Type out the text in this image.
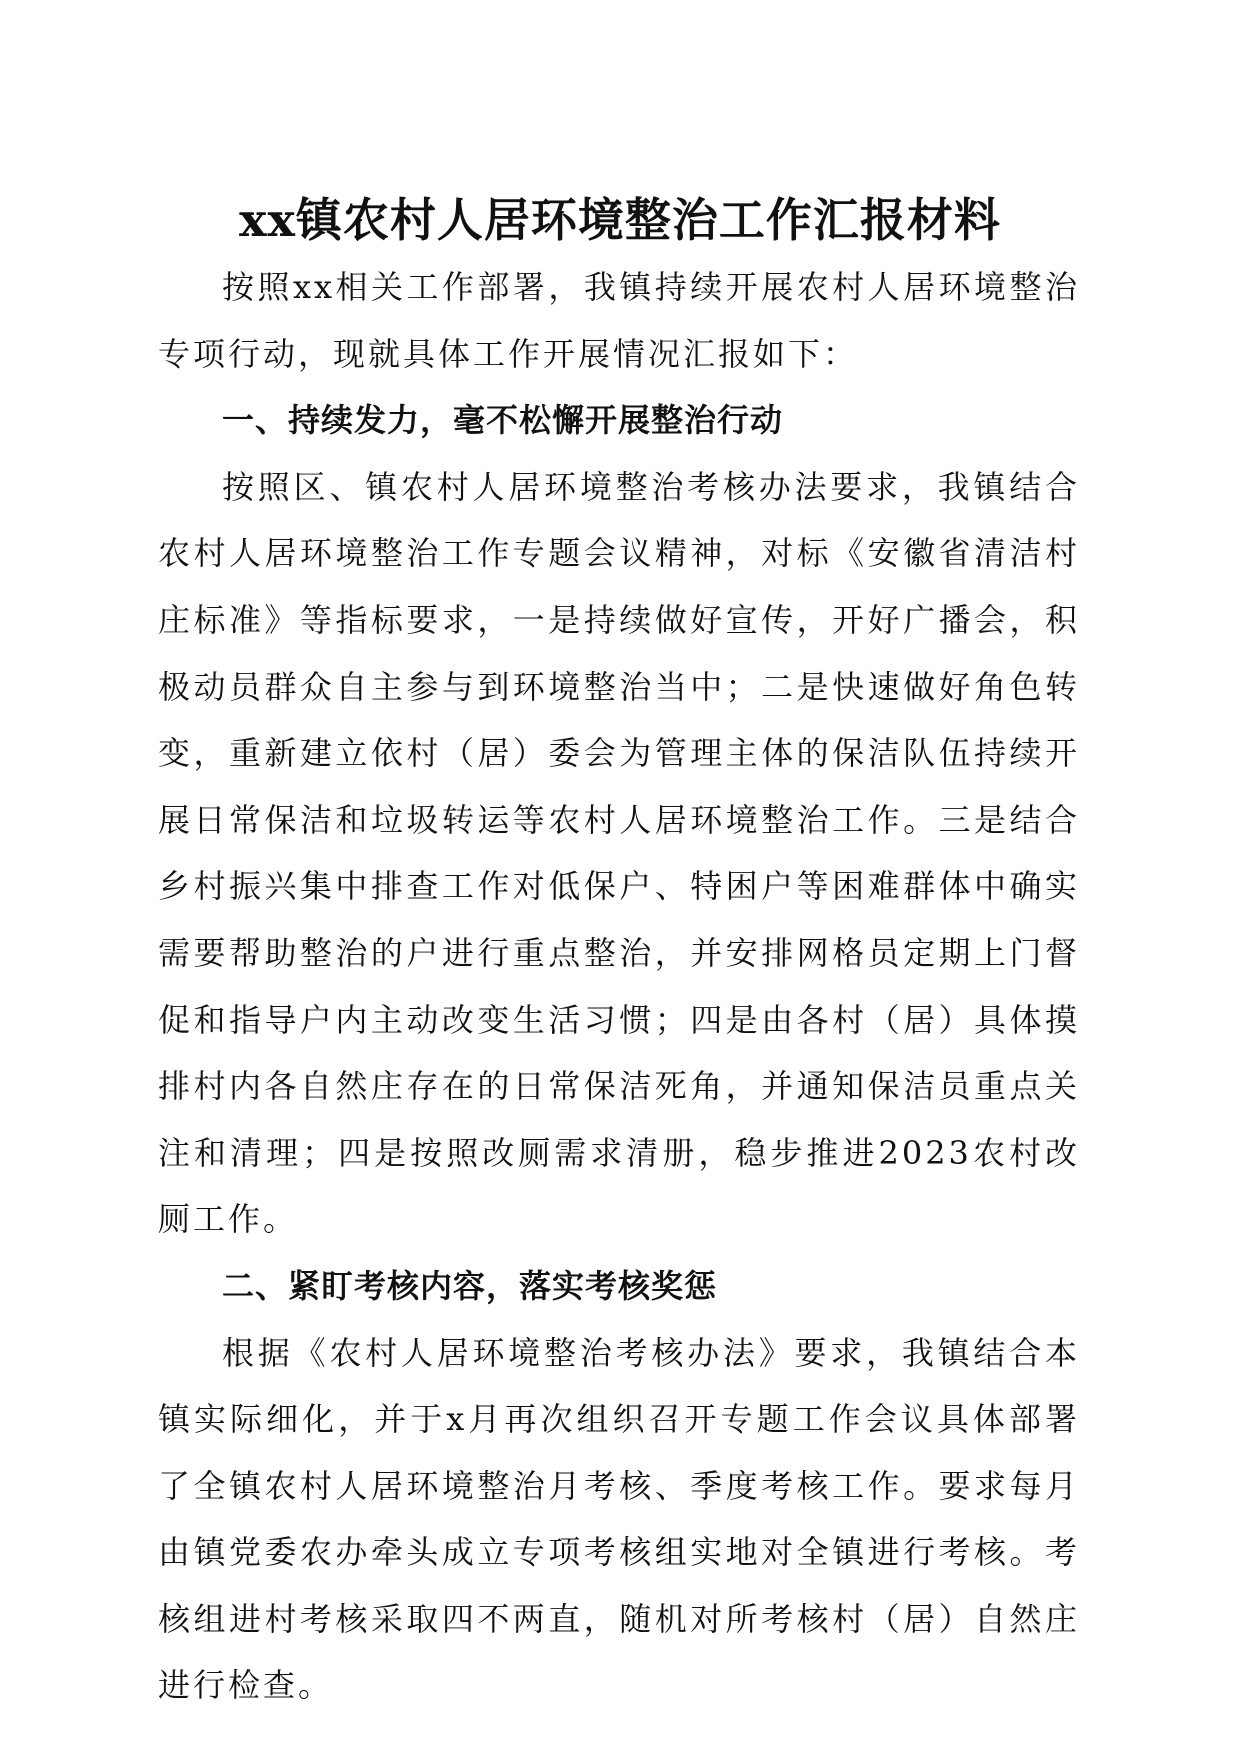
xx镇农村人居环境整治工作汇报材料

按照xx相关工作部署，我镇持续开展农村人居环境整治专项行动，现就具体工作开展情况汇报如下：

一、持续发力，毫不松懈开展整治行动

按照区、镇农村人居环境整治考核办法要求，我镇结合农村人居环境整治工作专题会议精神，对标《安徽省清洁村庄标准》等指标要求，一是持续做好宣传，开好广播会，积极动员群众自主参与到环境整治当中；二是快速做好角色转变，重新建立依村（居）委会为管理主体的保洁队伍持续开展日常保洁和垃圾转运等农村人居环境整治工作。三是结合乡村振兴集中排查工作对低保户、特困户等困难群体中确实需要帮助整治的户进行重点整治，并安排网格员定期上门督促和指导户内主动改变生活习惯；四是由各村（居）具体摸排村内各自然庄存在的日常保洁死角，并通知保洁员重点关注和清理；四是按照改厕需求清册，稳步推进2023农村改厕工作。

二、紧盯考核内容，落实考核奖惩

根据《农村人居环境整治考核办法》要求，我镇结合本镇实际细化，并于x月再次组织召开专题工作会议具体部署了全镇农村人居环境整治月考核、季度考核工作。要求每月由镇党委农办牵头成立专项考核组实地对全镇进行考核。考核组进村考核采取四不两直，随机对所考核村（居）自然庄进行检查。
